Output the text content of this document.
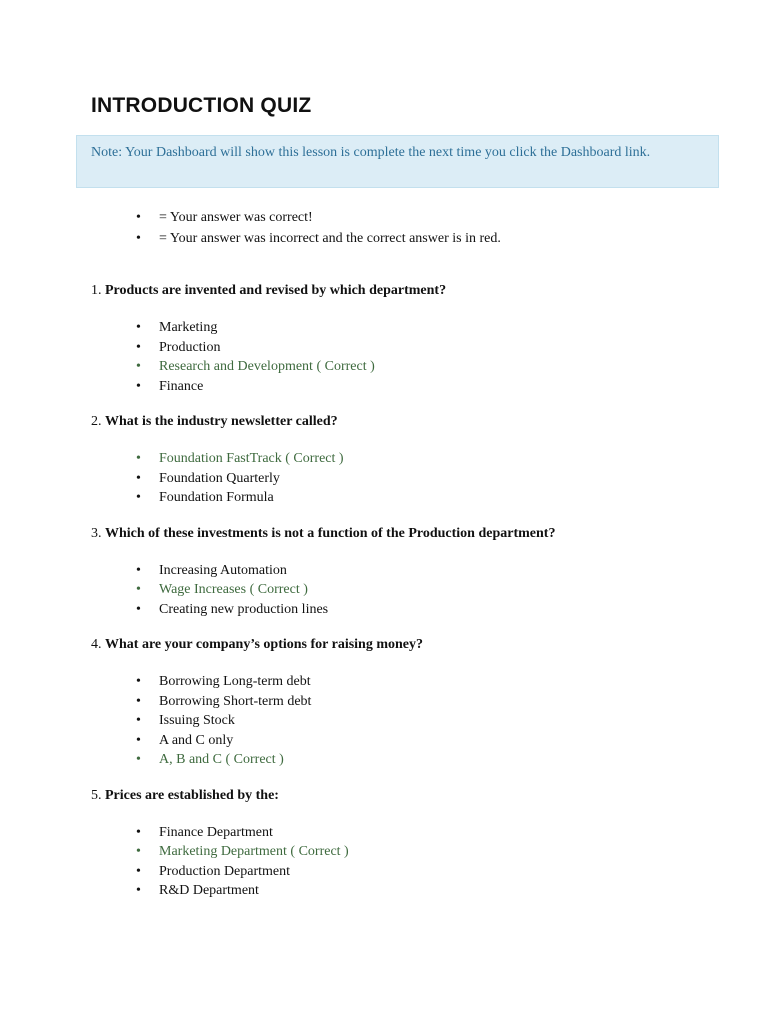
INTRODUCTION QUIZ
Note: Your Dashboard will show this lesson is complete the next time you click the Dashboard link.
• = Your answer was correct!
• = Your answer was incorrect and the correct answer is in red.
1. Products are invented and revised by which department?
• Marketing
• Production
• Research and Development ( Correct )
• Finance
2. What is the industry newsletter called?
• Foundation FastTrack ( Correct )
• Foundation Quarterly
• Foundation Formula
3. Which of these investments is not a function of the Production department?
• Increasing Automation
• Wage Increases ( Correct )
• Creating new production lines
4. What are your company’s options for raising money?
• Borrowing Long-term debt
• Borrowing Short-term debt
• Issuing Stock
• A and C only
• A, B and C ( Correct )
5. Prices are established by the:
• Finance Department
• Marketing Department ( Correct )
• Production Department
• R&D Department
